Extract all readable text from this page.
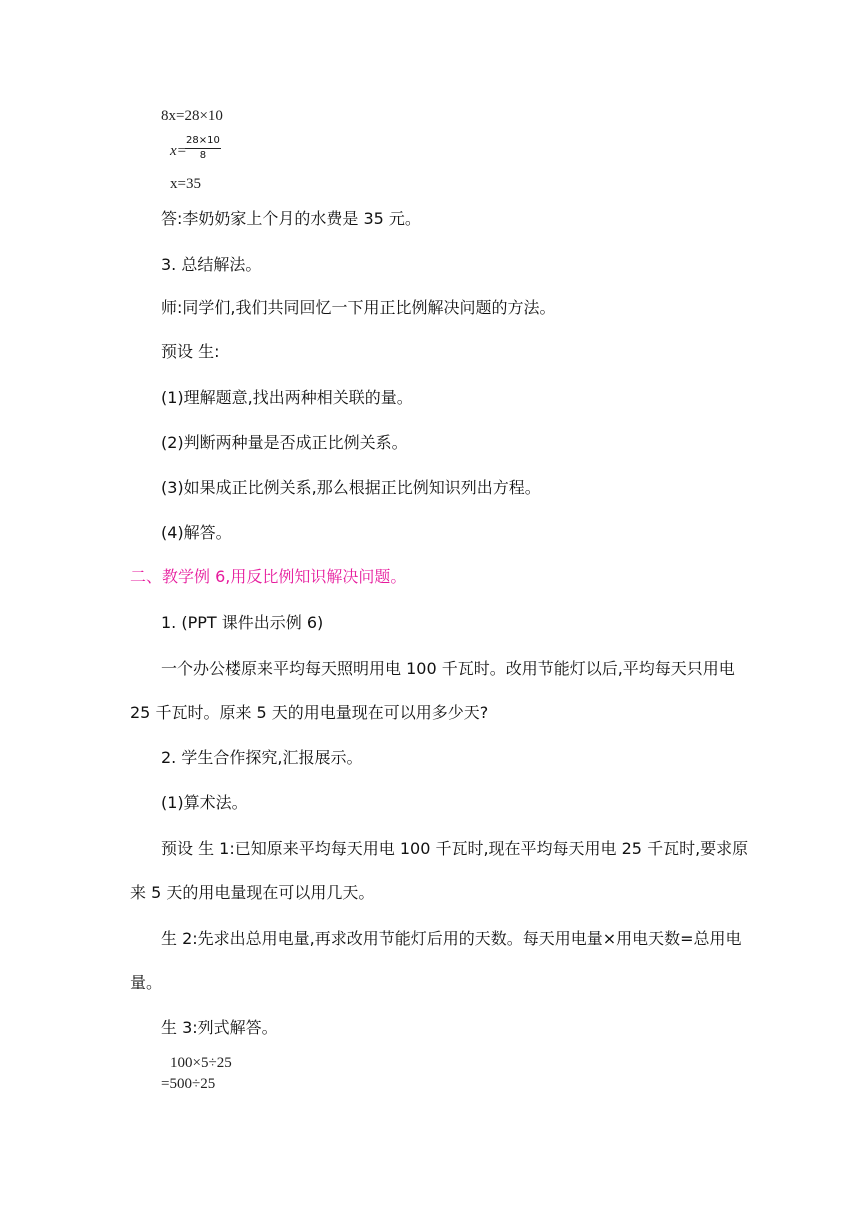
8x=28×10
x=
$\frac{28\times 10}{8}$
x=35
答:李奶奶家上个月的水费是 35 元。
3. 总结解法。
师:同学们,我们共同回忆一下用正比例解决问题的方法。
预设 生:
(1)理解题意,找出两种相关联的量。
(2)判断两种量是否成正比例关系。
(3)如果成正比例关系,那么根据正比例知识列出方程。
(4)解答。
二、教学例 6,用反比例知识解决问题。
1. (PPT 课件出示例 6)
一个办公楼原来平均每天照明用电 100 千瓦时。改用节能灯以后,平均每天只用电
25 千瓦时。原来 5 天的用电量现在可以用多少天?
2. 学生合作探究,汇报展示。
(1)算术法。
预设 生 1:已知原来平均每天用电 100 千瓦时,现在平均每天用电 25 千瓦时,要求原
来 5 天的用电量现在可以用几天。
生 2:先求出总用电量,再求改用节能灯后用的天数。每天用电量×用电天数=总用电
量。
生 3:列式解答。
100×5÷25
=500÷25
